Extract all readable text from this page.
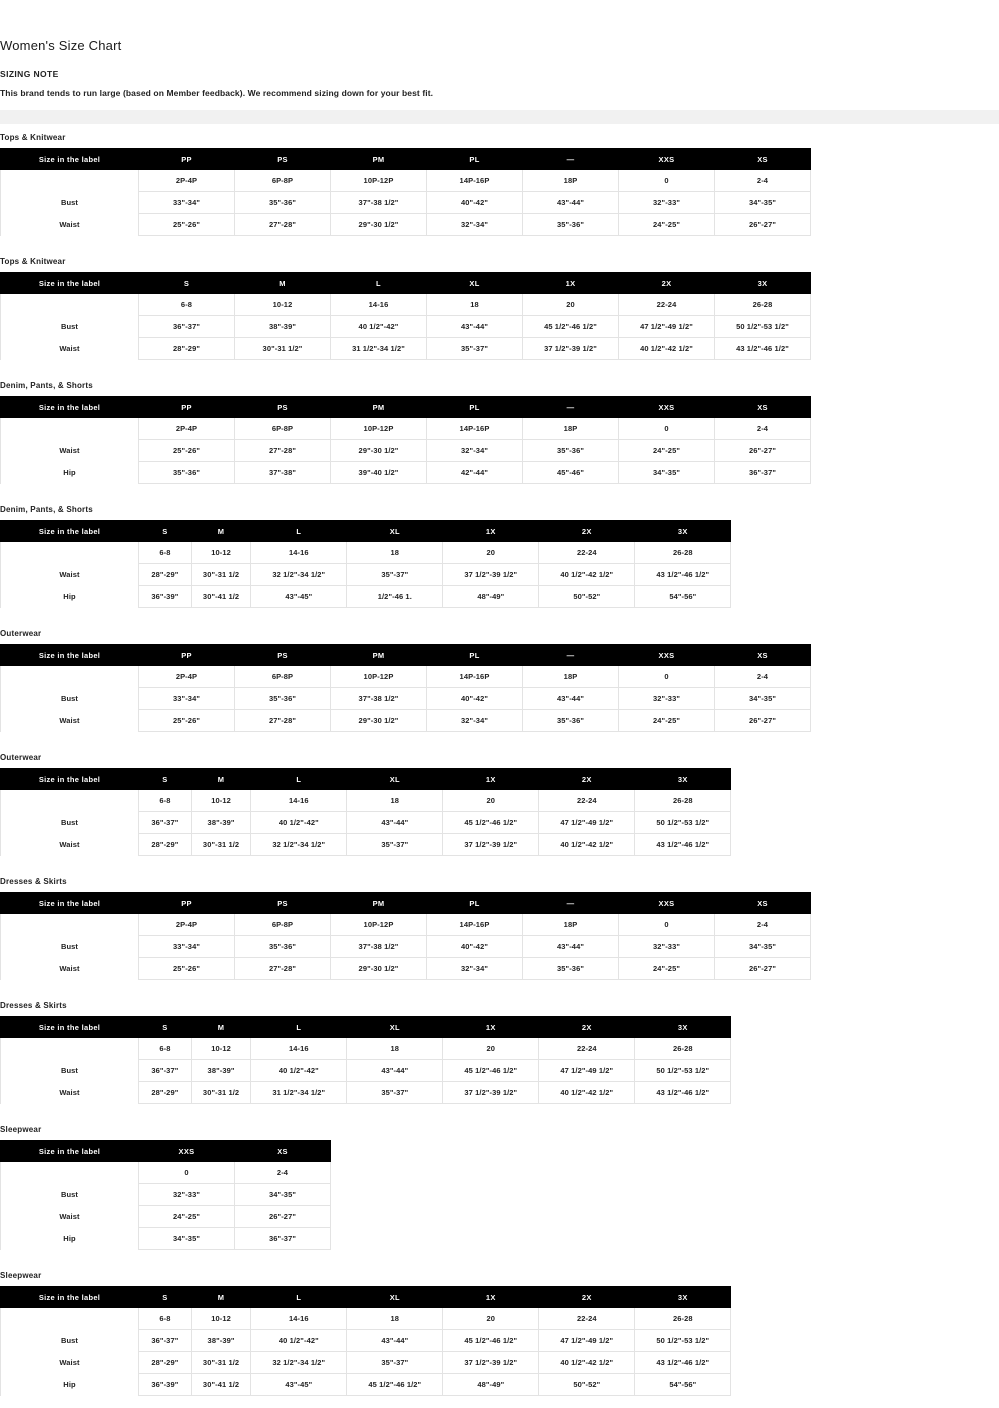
Women's Size Chart
SIZING NOTE
This brand tends to run large (based on Member feedback). We recommend sizing down for your best fit.
Tops & Knitwear
Size in the label	PP	PS	PM	PL	—	XXS	XS
	2P-4P	6P-8P	10P-12P	14P-16P	18P	0	2-4
Bust	33"-34"	35"-36"	37"-38 1/2"	40"-42"	43"-44"	32"-33"	34"-35"
Waist	25"-26"	27"-28"	29"-30 1/2"	32"-34"	35"-36"	24"-25"	26"-27"
Tops & Knitwear
Size in the label	S	M	L	XL	1X	2X	3X
	6-8	10-12	14-16	18	20	22-24	26-28
Bust	36"-37"	38"-39"	40 1/2"-42"	43"-44"	45 1/2"-46 1/2"	47 1/2"-49 1/2"	50 1/2"-53 1/2"
Waist	28"-29"	30"-31 1/2"	31 1/2"-34 1/2"	35"-37"	37 1/2"-39 1/2"	40 1/2"-42 1/2"	43 1/2"-46 1/2"
Denim, Pants, & Shorts
Size in the label	PP	PS	PM	PL	—	XXS	XS
	2P-4P	6P-8P	10P-12P	14P-16P	18P	0	2-4
Waist	25"-26"	27"-28"	29"-30 1/2"	32"-34"	35"-36"	24"-25"	26"-27"
Hip	35"-36"	37"-38"	39"-40 1/2"	42"-44"	45"-46"	34"-35"	36"-37"
Denim, Pants, & Shorts
Size in the label	S	M	L	XL	1X	2X	3X
	6-8	10-12	14-16	18	20	22-24	26-28
Waist	28"-29"	30"-31 1/2	32 1/2"-34 1/2"	35"-37"	37 1/2"-39 1/2"	40 1/2"-42 1/2"	43 1/2"-46 1/2"
Hip	36"-39"	30"-41 1/2	43"-45"	1/2"-46 1.	48"-49"	50"-52"	54"-56"
Outerwear
Size in the label	PP	PS	PM	PL	—	XXS	XS
	2P-4P	6P-8P	10P-12P	14P-16P	18P	0	2-4
Bust	33"-34"	35"-36"	37"-38 1/2"	40"-42"	43"-44"	32"-33"	34"-35"
Waist	25"-26"	27"-28"	29"-30 1/2"	32"-34"	35"-36"	24"-25"	26"-27"
Outerwear
Size in the label	S	M	L	XL	1X	2X	3X
	6-8	10-12	14-16	18	20	22-24	26-28
Bust	36"-37"	38"-39"	40 1/2"-42"	43"-44"	45 1/2"-46 1/2"	47 1/2"-49 1/2"	50 1/2"-53 1/2"
Waist	28"-29"	30"-31 1/2	32 1/2"-34 1/2"	35"-37"	37 1/2"-39 1/2"	40 1/2"-42 1/2"	43 1/2"-46 1/2"
Dresses & Skirts
Size in the label	PP	PS	PM	PL	—	XXS	XS
	2P-4P	6P-8P	10P-12P	14P-16P	18P	0	2-4
Bust	33"-34"	35"-36"	37"-38 1/2"	40"-42"	43"-44"	32"-33"	34"-35"
Waist	25"-26"	27"-28"	29"-30 1/2"	32"-34"	35"-36"	24"-25"	26"-27"
Dresses & Skirts
Size in the label	S	M	L	XL	1X	2X	3X
	6-8	10-12	14-16	18	20	22-24	26-28
Bust	36"-37"	38"-39"	40 1/2"-42"	43"-44"	45 1/2"-46 1/2"	47 1/2"-49 1/2"	50 1/2"-53 1/2"
Waist	28"-29"	30"-31 1/2	31 1/2"-34 1/2"	35"-37"	37 1/2"-39 1/2"	40 1/2"-42 1/2"	43 1/2"-46 1/2"
Sleepwear
Size in the label	XXS	XS
	0	2-4
Bust	32"-33"	34"-35"
Waist	24"-25"	26"-27"
Hip	34"-35"	36"-37"
Sleepwear
Size in the label	S	M	L	XL	1X	2X	3X
	6-8	10-12	14-16	18	20	22-24	26-28
Bust	36"-37"	38"-39"	40 1/2"-42"	43"-44"	45 1/2"-46 1/2"	47 1/2"-49 1/2"	50 1/2"-53 1/2"
Waist	28"-29"	30"-31 1/2	32 1/2"-34 1/2"	35"-37"	37 1/2"-39 1/2"	40 1/2"-42 1/2"	43 1/2"-46 1/2"
Hip	36"-39"	30"-41 1/2	43"-45"	45 1/2"-46 1/2"	48"-49"	50"-52"	54"-56"
